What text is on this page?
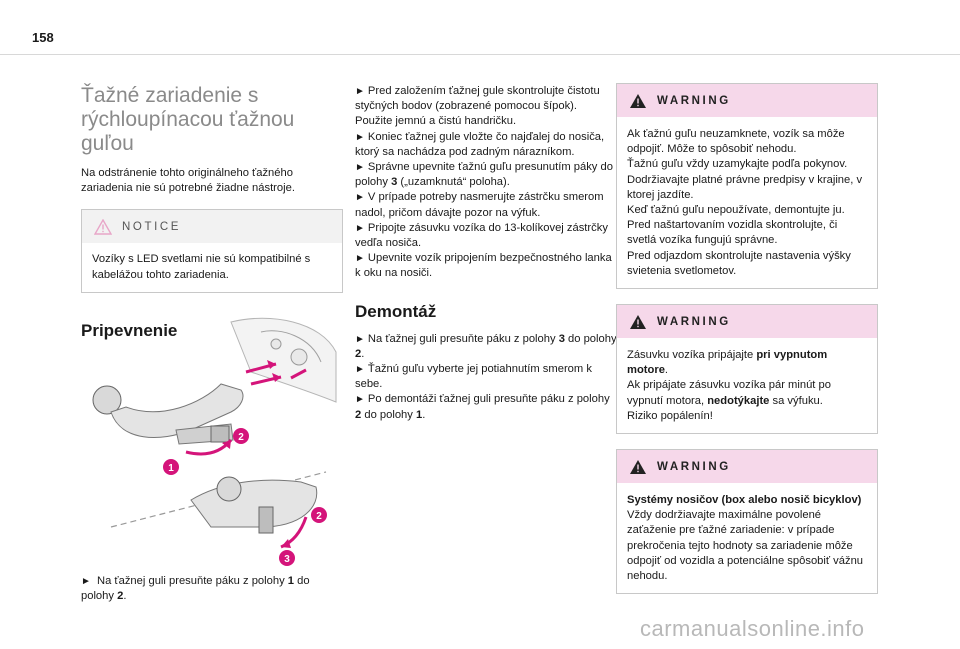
158
Ťažné zariadenie s rýchloupínacou ťažnou guľou

Na odstránenie tohto originálneho ťažného zariadenia nie sú potrebné žiadne nástroje.

NOTICE

Vozíky s LED svetlami nie sú kompatibilné s kabelážou tohto zariadenia.

Pripevnenie
2
1
2
3

► Na ťažnej guli presuňte páku z polohy 1 do polohy 2.

► Pred založením ťažnej gule skontrolujte čistotu styčných bodov (zobrazené pomocou šípok). Použite jemnú a čistú handričku.

► Koniec ťažnej gule vložte čo najďalej do nosiča, ktorý sa nachádza pod zadným nárazníkom.

► Správne upevnite ťažnú guľu presunutím páky do polohy 3 („uzamknutá“ poloha).

► V prípade potreby nasmerujte zástrčku smerom nadol, pričom dávajte pozor na výfuk.

► Pripojte zásuvku vozíka do 13-kolíkovej zástrčky vedľa nosiča.

► Upevnite vozík pripojením bezpečnostného lanka k oku na nosiči.

Demontáž

► Na ťažnej guli presuňte páku z polohy 3 do polohy 2.

► Ťažnú guľu vyberte jej potiahnutím smerom k sebe.

► Po demontáži ťažnej guli presuňte páku z polohy 2 do polohy 1.

WARNING

Ak ťažnú guľu neuzamknete, vozík sa môže odpojiť. Môže to spôsobiť nehodu.

Ťažnú guľu vždy uzamykajte podľa pokynov.

Dodržiavajte platné právne predpisy v krajine, v ktorej jazdíte.

Keď ťažnú guľu nepoužívate, demontujte ju.

Pred naštartovaním vozidla skontrolujte, či svetlá vozíka fungujú správne.

Pred odjazdom skontrolujte nastavenia výšky svietenia svetlometov.

WARNING

Zásuvku vozíka pripájajte pri vypnutom motore.

Ak pripájate zásuvku vozíka pár minút po vypnutí motora, nedotýkajte sa výfuku.

Riziko popálenín!

WARNING

Systémy nosičov (box alebo nosič bicyklov)

Vždy dodržiavajte maximálne povolené zaťaženie pre ťažné zariadenie: v prípade prekročenia tejto hodnoty sa zariadenie môže odpojiť od vozidla a potenciálne spôsobiť vážnu nehodu.

carmanualsonline.info
